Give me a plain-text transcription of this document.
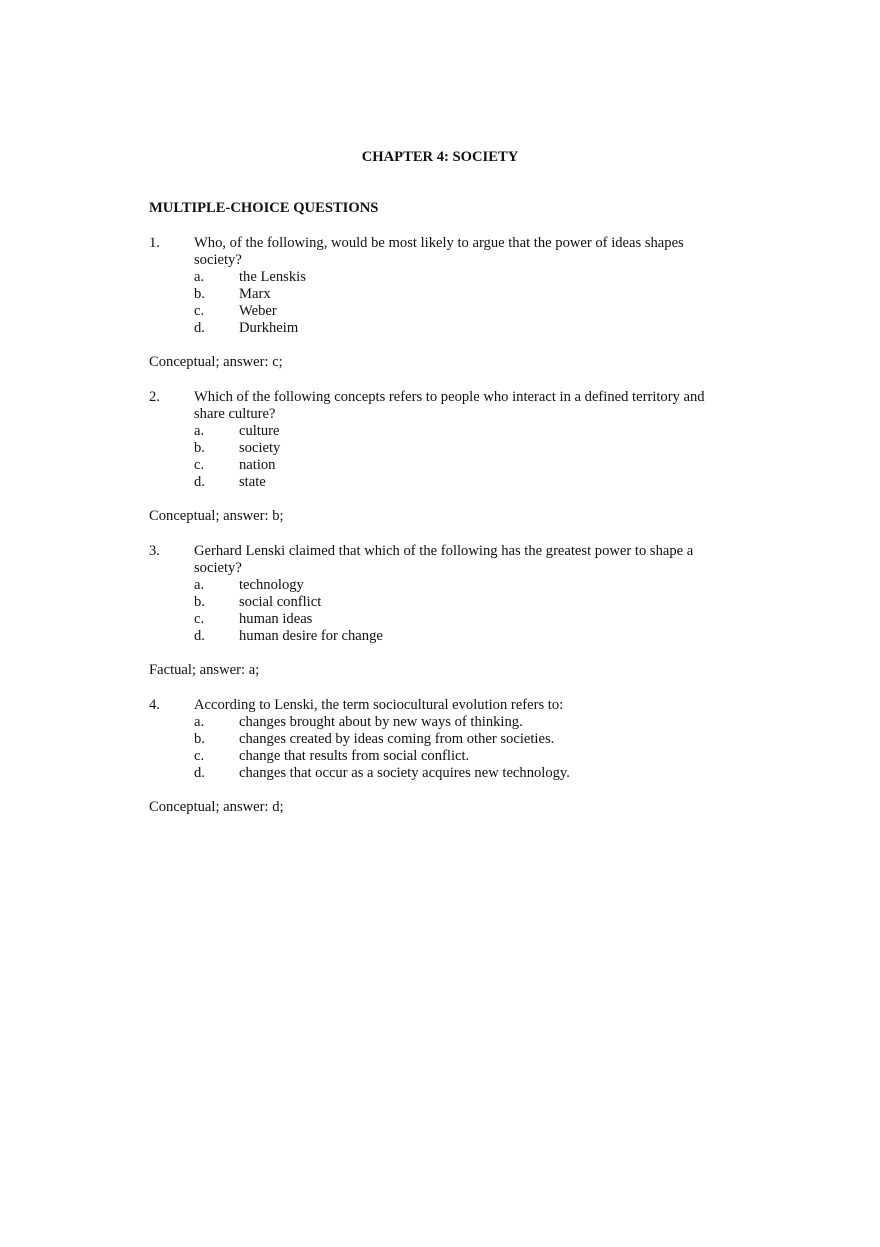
CHAPTER 4: SOCIETY
MULTIPLE-CHOICE QUESTIONS
1. Who, of the following, would be most likely to argue that the power of ideas shapes
society?
a. the Lenskis
b. Marx
c. Weber
d. Durkheim
Conceptual; answer: c;
2. Which of the following concepts refers to people who interact in a defined territory and
share culture?
a. culture
b. society
c. nation
d. state
Conceptual; answer: b;
3. Gerhard Lenski claimed that which of the following has the greatest power to shape a
society?
a. technology
b. social conflict
c. human ideas
d. human desire for change
Factual; answer: a;
4. According to Lenski, the term sociocultural evolution refers to:
a. changes brought about by new ways of thinking.
b. changes created by ideas coming from other societies.
c. change that results from social conflict.
d. changes that occur as a society acquires new technology.
Conceptual; answer: d;
